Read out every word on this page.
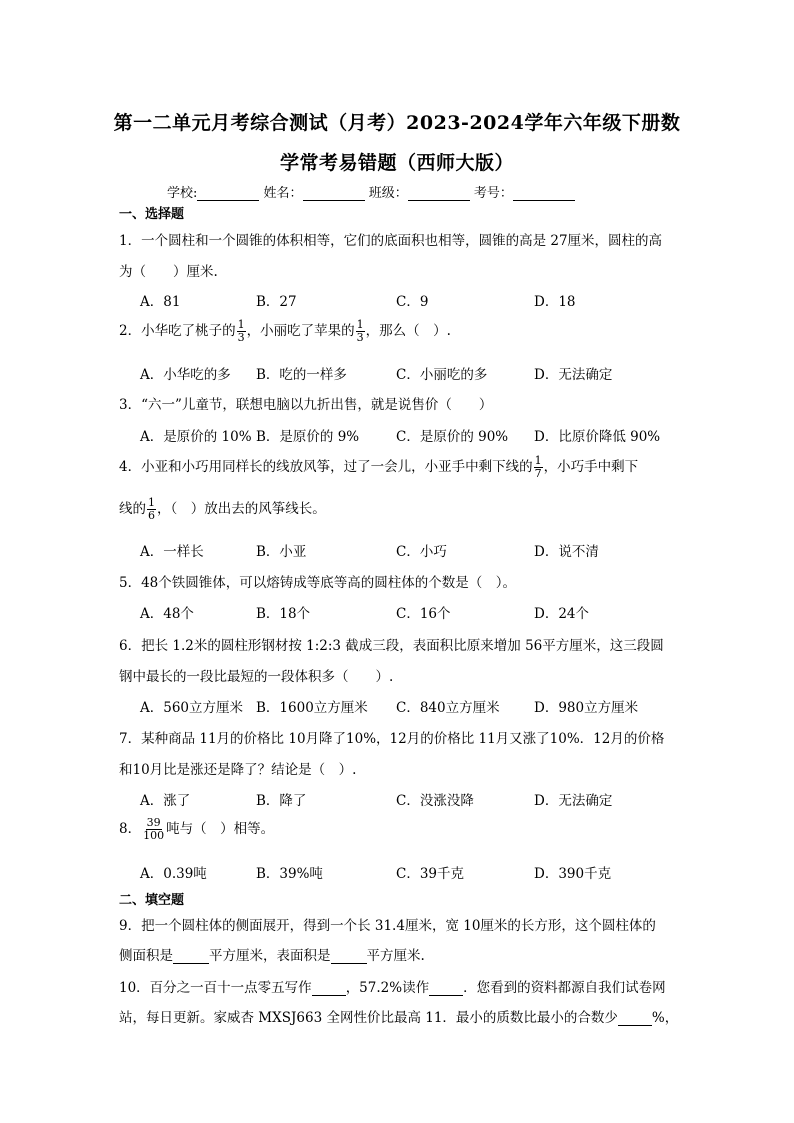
第一二单元月考综合测试（月考）2023-2024学年六年级下册数
学常考易错题（西师大版）
学校:	姓名：	班级：	考号：
一、选择题
1．一个圆柱和一个圆锥的体积相等，它们的底面积也相等，圆锥的高是 27厘米，圆柱的高
为（　　）厘米.
A．81	B．27	C．9	D．18
2．小华吃了桃子的 $\frac{1}{3}$ ，小丽吃了苹果的 $\frac{1}{3}$ ，那么（　）.
A．小华吃的多 B．吃的一样多	C．小丽吃的多	D．无法确定
3．“六一”儿童节，联想电脑以九折出售，就是说售价（　　）
A．是原价的 10% B．是原价的 9%	C．是原价的 90% D．比原价降低 90%
4．小亚和小巧用同样长的线放风筝，过了一会儿，小亚手中剩下线的 $\frac{1}{7}$ ，小巧手中剩下
线的 $\frac{1}{6}$ ，（　）放出去的风筝线长。
A．一样长	B．小亚	C．小巧	D．说不清
5．48个铁圆锥体，可以熔铸成等底等高的圆柱体的个数是（　）。
A．48个	B．18个	C．16个	D．24个
6．把长 1.2米的圆柱形钢材按 1:2:3 截成三段，表面积比原来增加 56平方厘米，这三段圆
钢中最长的一段比最短的一段体积多（　　）.
A．560立方厘米 B．1600立方厘米 C．840立方厘米	D．980立方厘米
7．某种商品 11月的价格比 10月降了10%，12月的价格比 11月又涨了10%．12月的价格
和10月比是涨还是降了？结论是（　）.
A．涨了	B．降了	C．没涨没降	D．无法确定
8． $\frac{39}{100}$ 吨与（　）相等。
A．0.39吨	B．39%吨	C．39千克	D．390千克
二、填空题
9．把一个圆柱体的侧面展开，得到一个长 31.4厘米，宽 10厘米的长方形，这个圆柱体的
侧面积是	平方厘米，表面积是	平方厘米.
10．百分之一百十一点零五写作	，57.2%读作	．您看到的资料都源自我们试卷网
站，每日更新。家威杏 MXSJ663 全网性价比最高 11．最小的质数比最小的合数少	%，
